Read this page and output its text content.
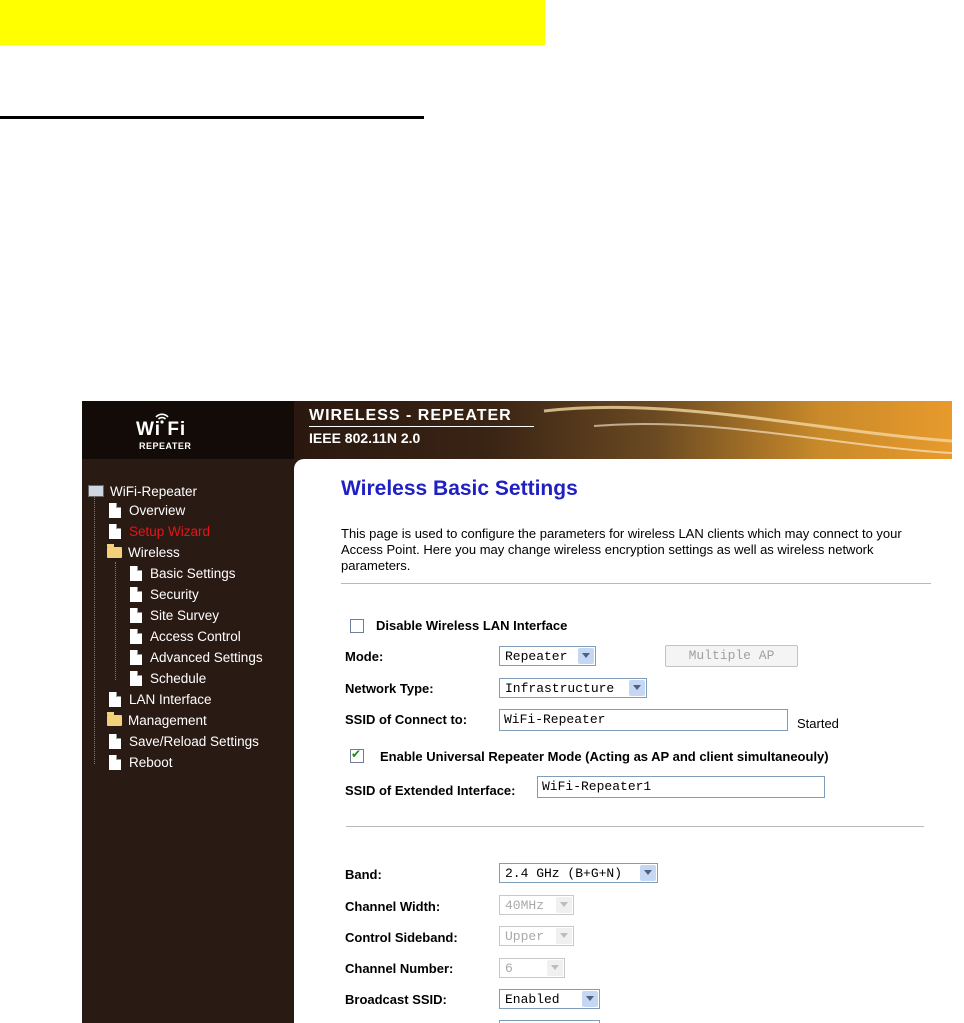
Wi Fi
REPEATER
WIRELESS - REPEATER
IEEE 802.11N 2.0
WiFi-Repeater
Overview
Setup Wizard
Wireless
Basic Settings
Security
Site Survey
Access Control
Advanced Settings
Schedule
LAN Interface
Management
Save/Reload Settings
Reboot
Wireless Basic Settings
This page is used to configure the parameters for wireless LAN clients which may connect to your Access Point. Here you may change wireless encryption settings as well as wireless network parameters.
Disable Wireless LAN Interface
Mode:	Repeater	Multiple AP
Network Type:	Infrastructure
SSID of Connect to:	WiFi-Repeater	Started
✔
Enable Universal Repeater Mode (Acting as AP and client simultaneouly)
SSID of Extended Interface:	WiFi-Repeater1
Band:	2.4 GHz (B+G+N)
Channel Width:	40MHz
Control Sideband:	Upper
Channel Number:	6
Broadcast SSID:	Enabled
